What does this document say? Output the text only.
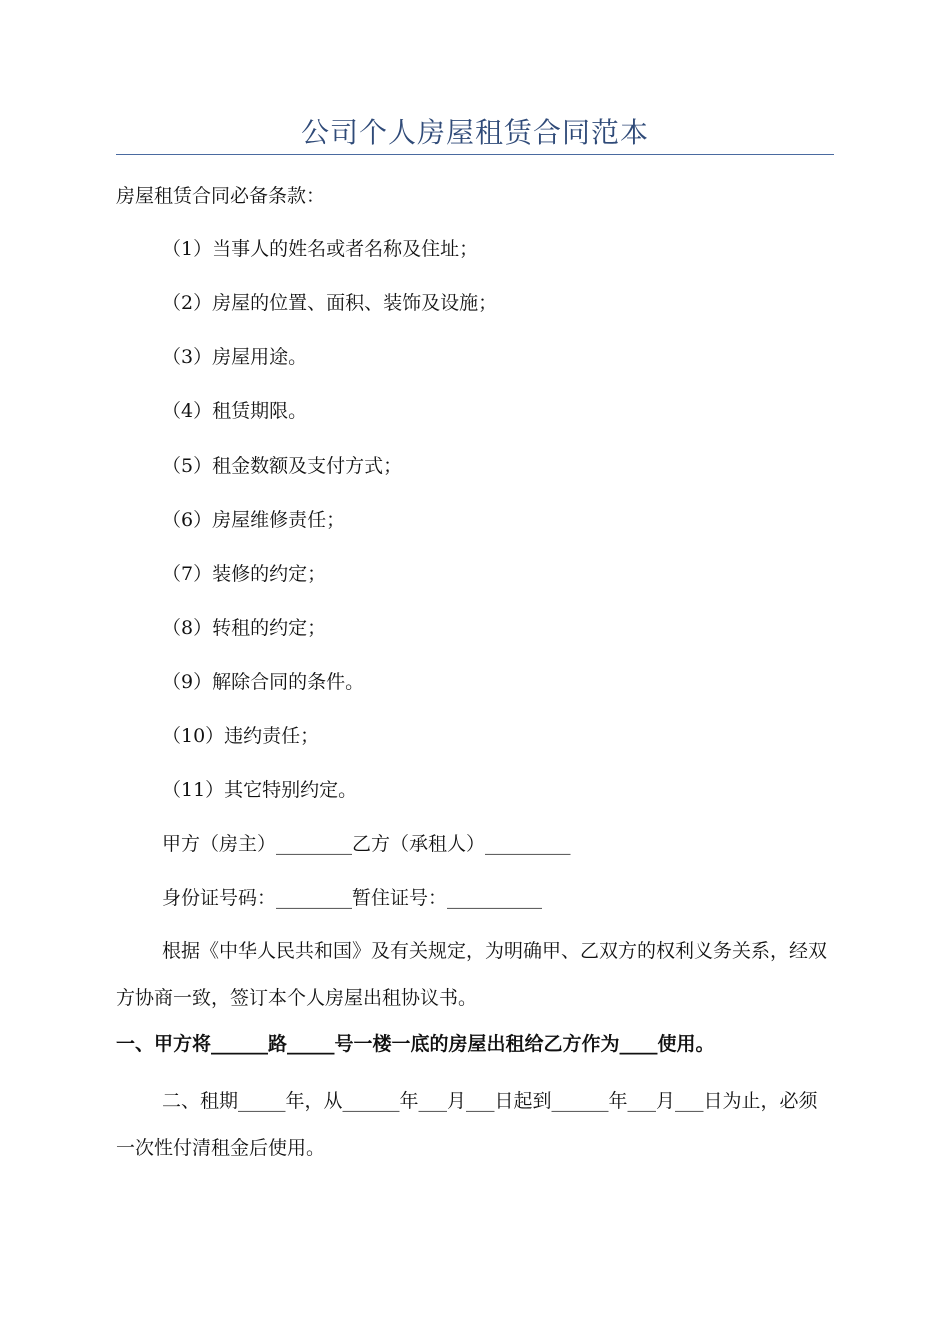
公司个人房屋租赁合同范本
房屋租赁合同必备条款：
（1）当事人的姓名或者名称及住址；
（2）房屋的位置、面积、装饰及设施；
（3）房屋用途。
（4）租赁期限。
（5）租金数额及支付方式；
（6）房屋维修责任；
（7）装修的约定；
（8）转租的约定；
（9）解除合同的条件。
（10）违约责任；
（11）其它特别约定。
甲方（房主）________乙方（承租人）_________
身份证号码：________暂住证号：__________
根据《中华人民共和国》及有关规定，为明确甲、乙双方的权利义务关系，经双方协商一致，签订本个人房屋出租协议书。
一、甲方将______路_____号一楼一底的房屋出租给乙方作为____使用。
二、租期_____年，从______年___月___日起到______年___月___日为止，必须一次性付清租金后使用。
